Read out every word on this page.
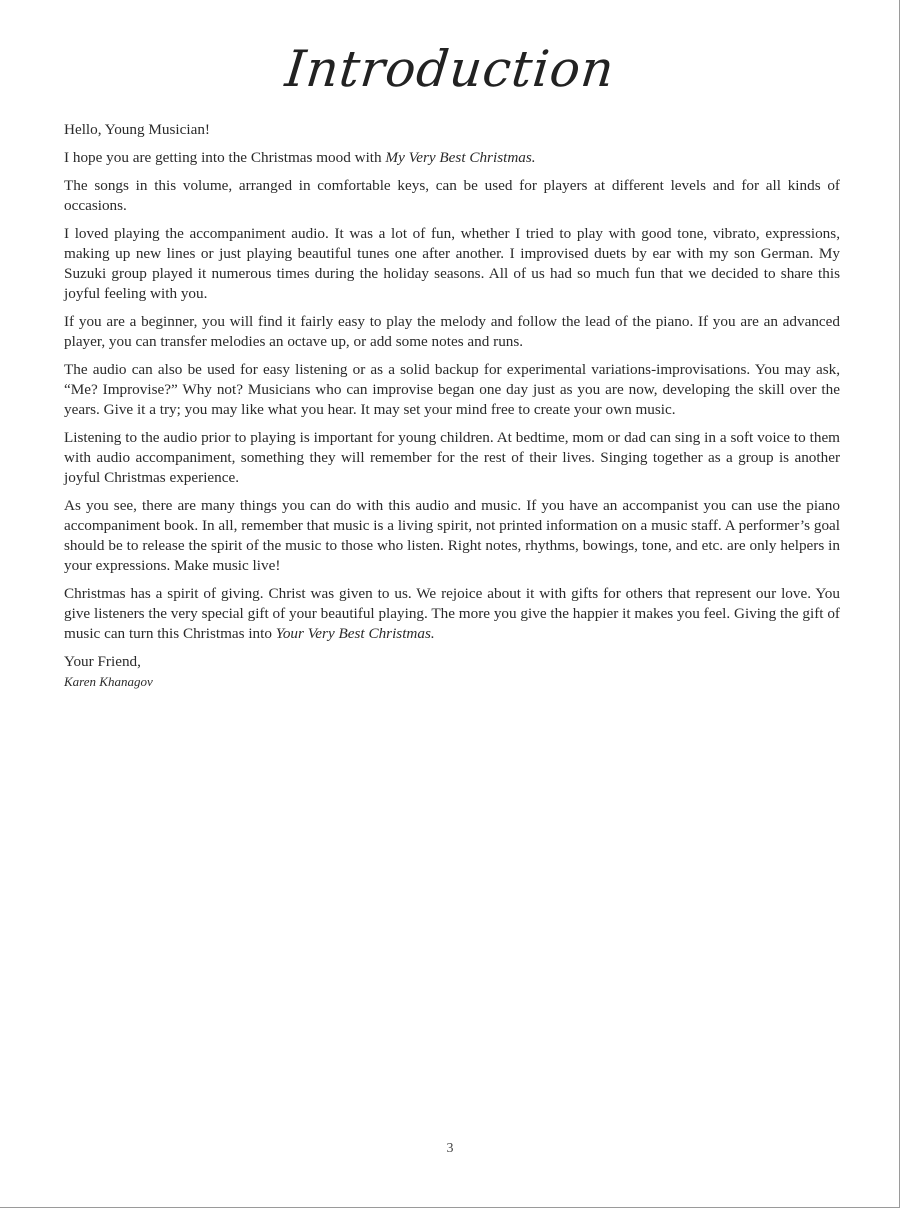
Introduction

Hello, Young Musician!

I hope you are getting into the Christmas mood with My Very Best Christmas.

The songs in this volume, arranged in comfortable keys, can be used for players at different levels and for all kinds of occasions.

I loved playing the accompaniment audio. It was a lot of fun, whether I tried to play with good tone, vibrato, expressions, making up new lines or just playing beautiful tunes one after another. I improvised duets by ear with my son German. My Suzuki group played it numerous times during the holiday seasons. All of us had so much fun that we decided to share this joyful feeling with you.

If you are a beginner, you will find it fairly easy to play the melody and follow the lead of the piano. If you are an advanced player, you can transfer melodies an octave up, or add some notes and runs.

The audio can also be used for easy listening or as a solid backup for experimental variations-improvisations. You may ask, “Me? Improvise?” Why not? Musicians who can improvise began one day just as you are now, developing the skill over the years. Give it a try; you may like what you hear. It may set your mind free to create your own music.

Listening to the audio prior to playing is important for young children. At bedtime, mom or dad can sing in a soft voice to them with audio accompaniment, something they will remember for the rest of their lives. Singing together as a group is another joyful Christmas experience.

As you see, there are many things you can do with this audio and music. If you have an accompanist you can use the piano accompaniment book. In all, remember that music is a living spirit, not printed information on a music staff. A performer’s goal should be to release the spirit of the music to those who listen. Right notes, rhythms, bowings, tone, and etc. are only helpers in your expressions. Make music live!

Christmas has a spirit of giving. Christ was given to us. We rejoice about it with gifts for others that represent our love. You give listeners the very special gift of your beautiful playing. The more you give the happier it makes you feel. Giving the gift of music can turn this Christmas into Your Very Best Christmas.

Your Friend,

Karen Khanagov

3
